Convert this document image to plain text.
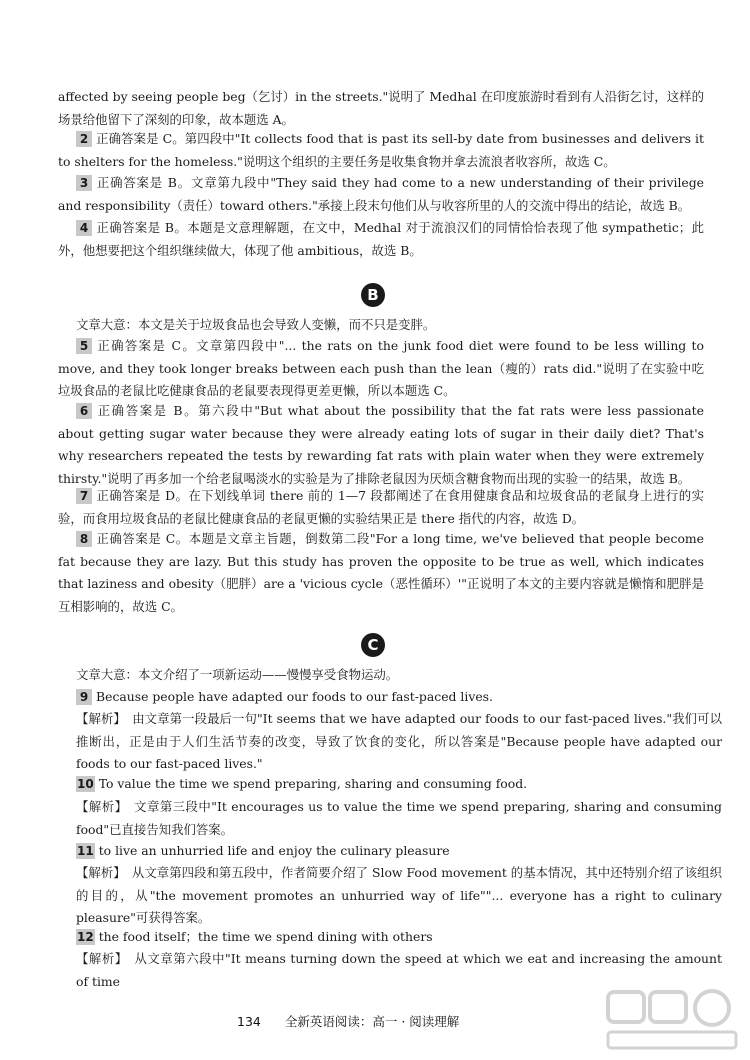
affected by seeing people beg（乞讨）in the streets."说明了 Medhal 在印度旅游时看到有人沿街乞讨，这样的场景给他留下了深刻的印象，故本题选 A。

2 正确答案是 C。第四段中"It collects food that is past its sell-by date from businesses and delivers it to shelters for the homeless."说明这个组织的主要任务是收集食物并拿去流浪者收容所，故选 C。

3 正确答案是 B。文章第九段中"They said they had come to a new understanding of their privilege and responsibility（责任）toward others."承接上段末句他们从与收容所里的人的交流中得出的结论，故选 B。

4 正确答案是 B。本题是文意理解题，在文中，Medhal 对于流浪汉们的同情恰恰表现了他 sympathetic；此外，他想要把这个组织继续做大，体现了他 ambitious，故选 B。

B

文章大意：本文是关于垃圾食品也会导致人变懒，而不只是变胖。

5 正确答案是 C。文章第四段中"... the rats on the junk food diet were found to be less willing to move, and they took longer breaks between each push than the lean（瘦的）rats did."说明了在实验中吃垃圾食品的老鼠比吃健康食品的老鼠要表现得更差更懒，所以本题选 C。

6 正确答案是 B。第六段中"But what about the possibility that the fat rats were less passionate about getting sugar water because they were already eating lots of sugar in their daily diet? That's why researchers repeated the tests by rewarding fat rats with plain water when they were extremely thirsty."说明了再多加一个给老鼠喝淡水的实验是为了排除老鼠因为厌烦含糖食物而出现的实验一的结果，故选 B。

7 正确答案是 D。在下划线单词 there 前的 1—7 段都阐述了在食用健康食品和垃圾食品的老鼠身上进行的实验，而食用垃圾食品的老鼠比健康食品的老鼠更懒的实验结果正是 there 指代的内容，故选 D。

8 正确答案是 C。本题是文章主旨题，倒数第二段"For a long time, we've believed that people become fat because they are lazy. But this study has proven the opposite to be true as well, which indicates that laziness and obesity（肥胖）are a 'vicious cycle（恶性循环）'"正说明了本文的主要内容就是懒惰和肥胖是互相影响的，故选 C。

C

文章大意：本文介绍了一项新运动——慢慢享受食物运动。

9 Because people have adapted our foods to our fast-paced lives.

【解析】　由文章第一段最后一句"It seems that we have adapted our foods to our fast-paced lives."我们可以推断出，正是由于人们生活节奏的改变，导致了饮食的变化，所以答案是"Because people have adapted our foods to our fast-paced lives."

10 To value the time we spend preparing, sharing and consuming food.

【解析】　文章第三段中"It encourages us to value the time we spend preparing, sharing and consuming food"已直接告知我们答案。

11 to live an unhurried life and enjoy the culinary pleasure

【解析】　从文章第四段和第五段中，作者简要介绍了 Slow Food movement 的基本情况，其中还特别介绍了该组织的目的，从"the movement promotes an unhurried way of life""... everyone has a right to culinary pleasure"可获得答案。

12 the food itself；the time we spend dining with others

【解析】　从文章第六段中"It means turning down the speed at which we eat and increasing the amount of time

134 全新英语阅读：高一 · 阅读理解
